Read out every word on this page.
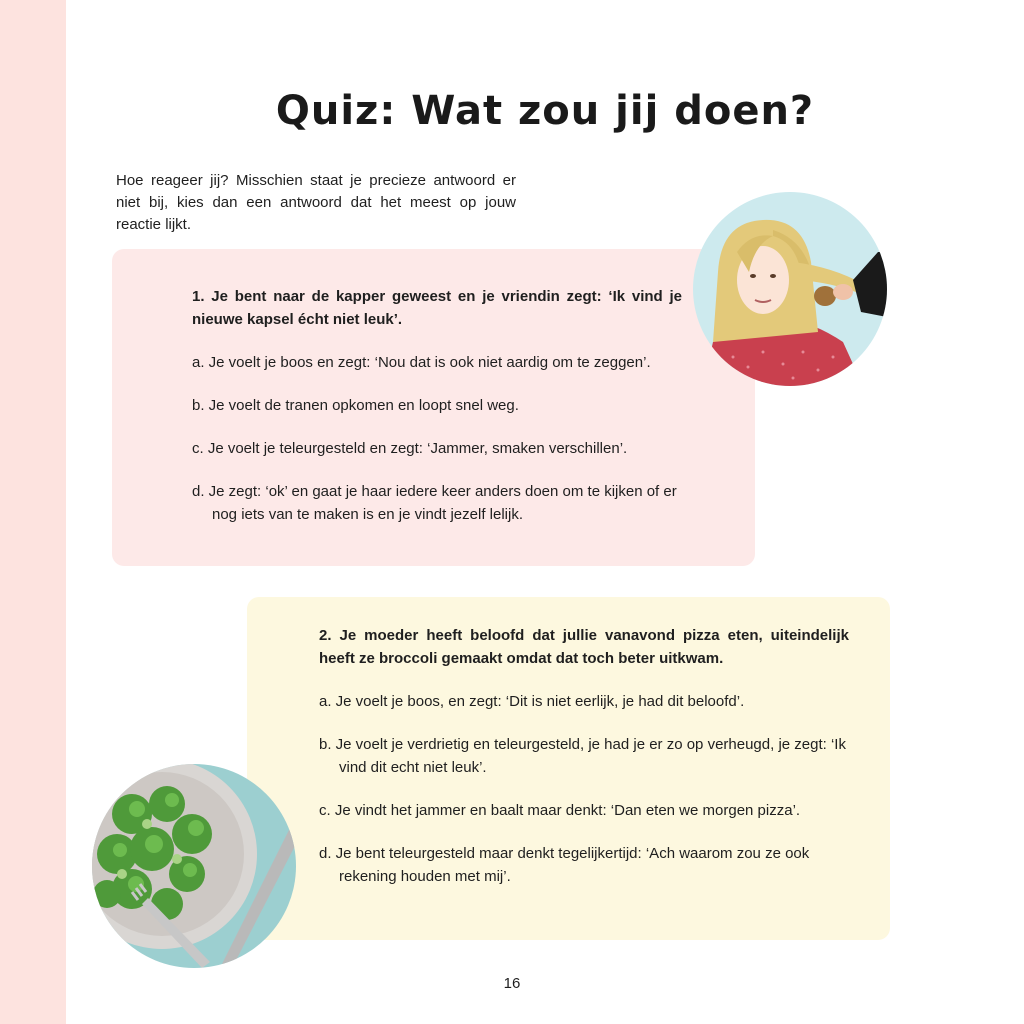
Quiz: Wat zou jij doen?

Hoe reageer jij? Misschien staat je precieze antwoord er niet bij, kies dan een antwoord dat het meest op jouw reactie lijkt.

1. Je bent naar de kapper geweest en je vriendin zegt: ‘Ik vind je nieuwe kapsel écht niet leuk’.

a. Je voelt je boos en zegt: ‘Nou dat is ook niet aardig om te zeggen’.

b. Je voelt de tranen opkomen en loopt snel weg.

c. Je voelt je teleurgesteld en zegt: ‘Jammer, smaken verschillen’.

d. Je zegt: ‘ok’ en gaat je haar iedere keer anders doen om te kijken of er nog iets van te maken is en je vindt jezelf lelijk.

2. Je moeder heeft beloofd dat jullie vanavond pizza eten, uiteindelijk heeft ze broccoli gemaakt omdat dat toch beter uitkwam.

a. Je voelt je boos, en zegt: ‘Dit is niet eerlijk, je had dit beloofd’.

b. Je voelt je verdrietig en teleurgesteld, je had je er zo op verheugd, je zegt: ‘Ik vind dit echt niet leuk’.

c. Je vindt het jammer en baalt maar denkt: ‘Dan eten we morgen pizza’.

d. Je bent teleurgesteld maar denkt tegelijkertijd: ‘Ach waarom zou ze ook rekening houden met mij’.

16
